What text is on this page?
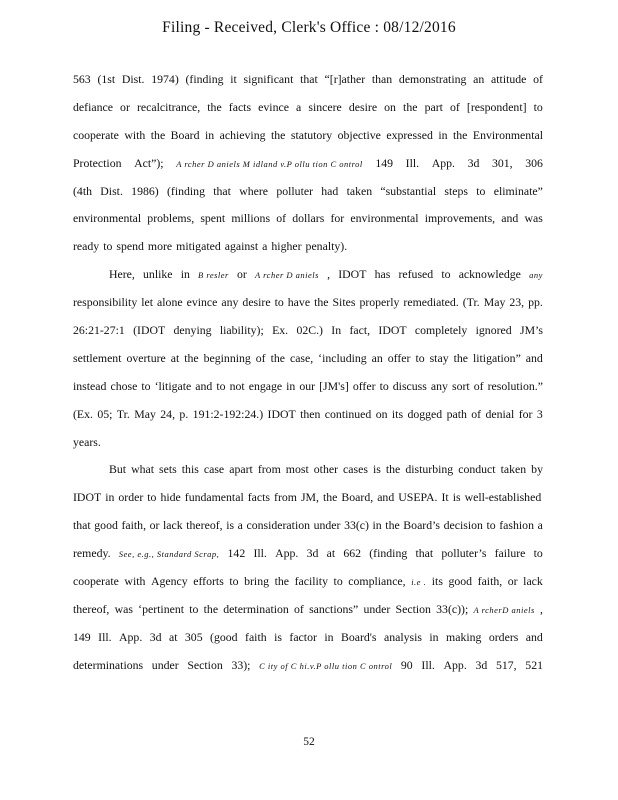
Filing - Received, Clerk's Office : 08/12/2016
563 (1st Dist. 1974) (finding it significant that “[r]ather than demonstrating an attitude of
defiance or recalcitrance, the facts evince a sincere desire on the part of [respondent] to
cooperate with the Board in achieving the statutory objective expressed in the Environmental
Protection Act”); A rcher D aniels M idland v.P ollu tion C ontrol 149 Ill. App. 3d 301, 306
(4th Dist. 1986) (finding that where polluter had taken “substantial steps to eliminate”
environmental problems, spent millions of dollars for environmental improvements, and was
ready to spend more mitigated against a higher penalty).
Here, unlike in B resler or A rcher D aniels , IDOT has refused to acknowledge any
responsibility let alone evince any desire to have the Sites properly remediated. (Tr. May 23, pp.
26:21-27:1 (IDOT denying liability); Ex. 02C.) In fact, IDOT completely ignored JM’s
settlement overture at the beginning of the case, ‘including an offer to stay the litigation” and
instead chose to ‘litigate and to not engage in our [JM's] offer to discuss any sort of resolution.”
(Ex. 05; Tr. May 24, p. 191:2-192:24.) IDOT then continued on its dogged path of denial for 3
years.
But what sets this case apart from most other cases is the disturbing conduct taken by
IDOT in order to hide fundamental facts from JM, the Board, and USEPA. It is well-established
that good faith, or lack thereof, is a consideration under 33(c) in the Board’s decision to fashion a
remedy. See, e.g., Standard Scrap, 142 Ill. App. 3d at 662 (finding that polluter’s failure to
cooperate with Agency efforts to bring the facility to compliance, i.e . its good faith, or lack
thereof, was ‘pertinent to the determination of sanctions” under Section 33(c)); A rcherD aniels ,
149 Ill. App. 3d at 305 (good faith is factor in Board's analysis in making orders and
determinations under Section 33); C ity of C hi.v.P ollu tion C ontrol 90 Ill. App. 3d 517, 521
52
